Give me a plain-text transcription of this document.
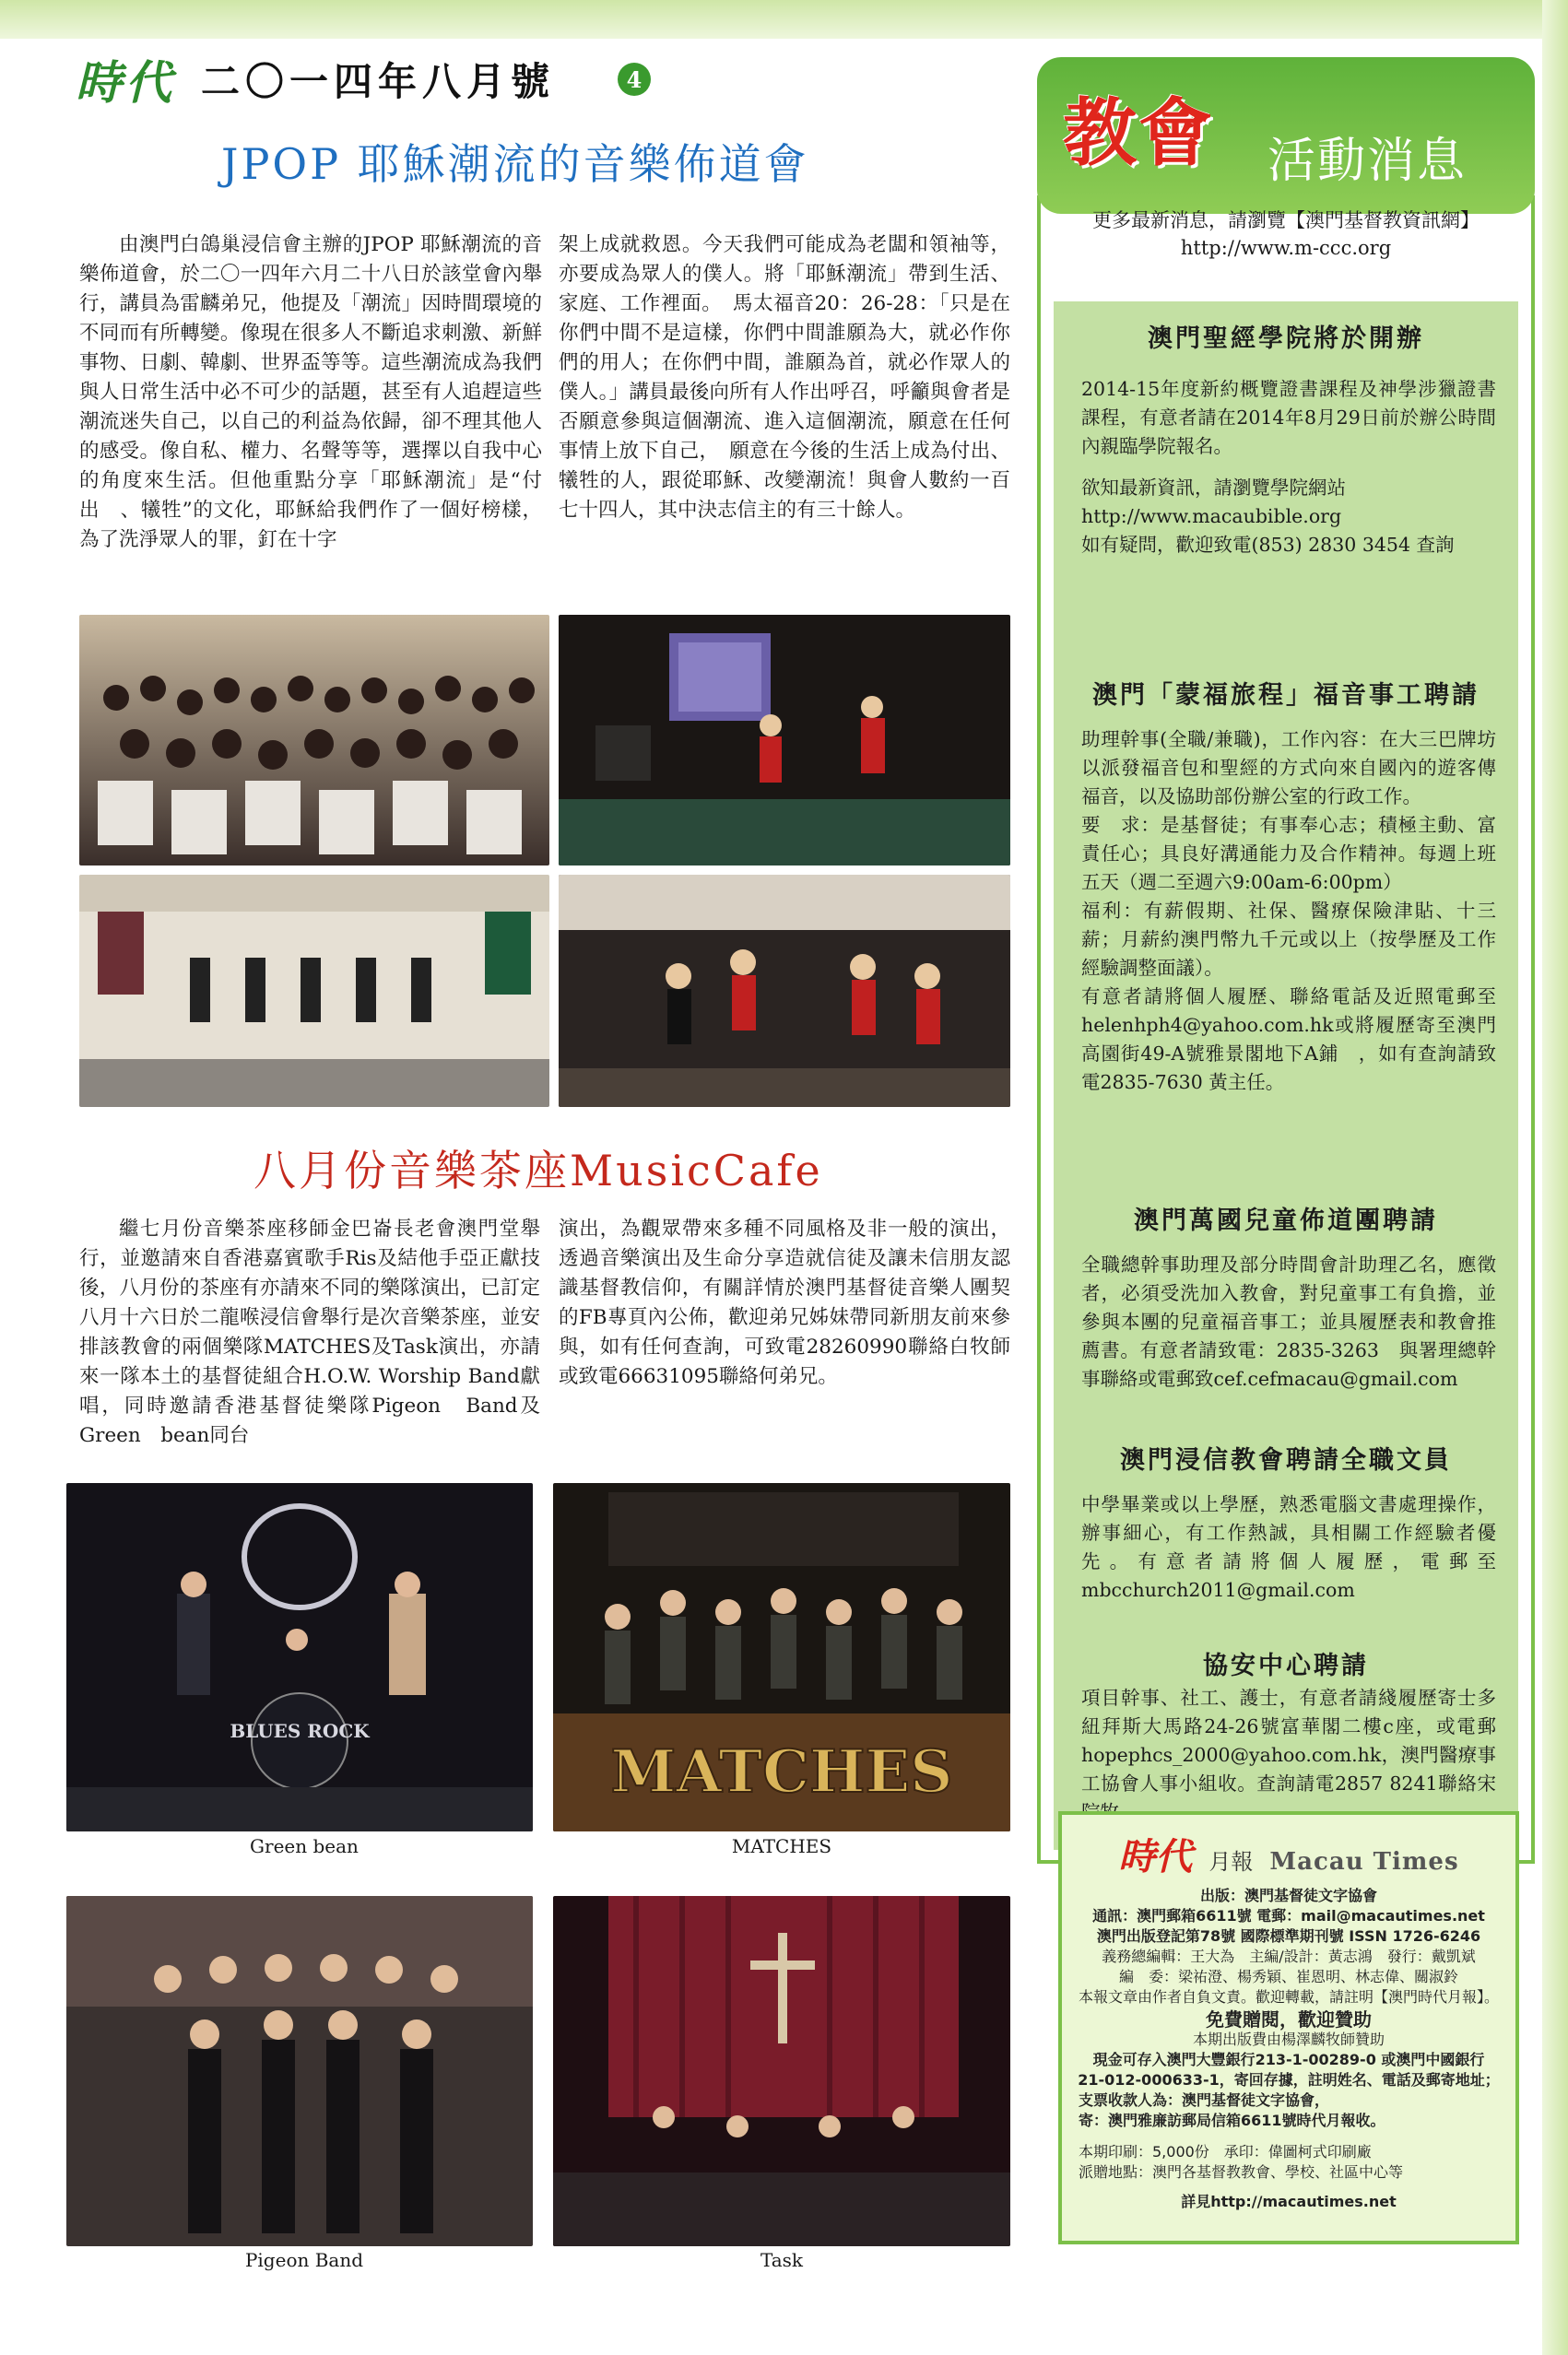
時代 二〇一四年八月號	4
JPOP 耶穌潮流的音樂佈道會
由澳門白鴿巢浸信會主辦的JPOP 耶穌潮流的音樂佈道會，於二〇一四年六月二十八日於該堂會內舉行，講員為雷麟弟兄，他提及「潮流」因時間環境的不同而有所轉變。像現在很多人不斷追求刺激、新鮮事物、日劇、韓劇、世界盃等等。這些潮流成為我們與人日常生活中必不可少的話題，甚至有人追趕這些潮流迷失自己，以自己的利益為依歸，卻不理其他人的感受。像自私、權力、名聲等等，選擇以自我中心的角度來生活。但他重點分享「耶穌潮流」是“付出　、犧牲”的文化，耶穌給我們作了一個好榜樣，為了洗淨眾人的罪，釘在十字
架上成就救恩。今天我們可能成為老闆和領袖等，亦要成為眾人的僕人。將「耶穌潮流」帶到生活、家庭、工作裡面。　馬太福音20：26-28：「只是在你們中間不是這樣，你們中間誰願為大，就必作你們的用人；在你們中間，誰願為首，就必作眾人的僕人。」講員最後向所有人作出呼召，呼籲與會者是否願意參與這個潮流、進入這個潮流，願意在任何事情上放下自己，　願意在今後的生活上成為付出、犧牲的人，跟從耶穌、改變潮流！與會人數約一百七十四人，其中決志信主的有三十餘人。
八月份音樂茶座MusicCafe
繼七月份音樂茶座移師金巴崙長老會澳門堂舉行，並邀請來自香港嘉賓歌手Ris及結他手亞正獻技後，八月份的茶座有亦請來不同的樂隊演出，已訂定八月十六日於二龍喉浸信會舉行是次音樂茶座，並安排該教會的兩個樂隊MATCHES及Task演出，亦請來一隊本土的基督徒組合H.O.W. Worship Band獻唱，同時邀請香港基督徒樂隊Pigeon　Band及Green　bean同台
演出，為觀眾帶來多種不同風格及非一般的演出，透過音樂演出及生命分享造就信徒及讓未信朋友認識基督教信仰，有關詳情於澳門基督徒音樂人團契的FB專頁內公佈，歡迎弟兄姊妹帶同新朋友前來參與，如有任何查詢，可致電28260990聯絡白牧師或致電66631095聯絡何弟兄。
BLUES ROCK
Green bean
MATCHES
MATCHES
Pigeon Band	Task
教會 活動消息
更多最新消息，請瀏覽【澳門基督教資訊網】
http://www.m-ccc.org
澳門聖經學院將於開辦
2014-15年度新約概覽證書課程及神學涉獵證書課程，有意者請在2014年8月29日前於辦公時間內親臨學院報名。
欲知最新資訊，請瀏覽學院網站
http://www.macaubible.org
如有疑問，歡迎致電(853) 2830 3454 查詢
澳門「蒙福旅程」福音事工聘請
助理幹事(全職/兼職)，工作內容：在大三巴牌坊以派發福音包和聖經的方式向來自國內的遊客傳福音，以及協助部份辦公室的行政工作。
要　求：是基督徒；有事奉心志；積極主動、富責任心；具良好溝通能力及合作精神。每週上班五天（週二至週六9:00am-6:00pm）
福利：有薪假期、社保、醫療保險津貼、十三薪；月薪約澳門幣九千元或以上（按學歷及工作經驗調整面議）。
有意者請將個人履歷、聯絡電話及近照電郵至helenhph4@yahoo.com.hk或將履歷寄至澳門高園街49-A號雅景閣地下A鋪　，如有查詢請致電2835-7630 黃主任。
澳門萬國兒童佈道團聘請
全職總幹事助理及部分時間會計助理乙名，應徵者，必須受洗加入教會，對兒童事工有負擔，並參與本團的兒童福音事工；並具履歷表和教會推薦書。有意者請致電：2835-3263　與署理總幹事聯絡或電郵致cef.cefmacau@gmail.com
澳門浸信教會聘請全職文員
中學畢業或以上學歷，熟悉電腦文書處理操作，辦事細心，有工作熱誠，具相關工作經驗者優先。有意者請將個人履歷，電郵至mbcchurch2011@gmail.com
協安中心聘請
項目幹事、社工、護士，有意者請綫履歷寄士多紐拜斯大馬路24-26號富華閣二樓c座，或電郵hopephcs_2000@yahoo.com.hk，澳門醫療事工協會人事小組收。查詢請電2857 8241聯絡宋
時代 月報 Macau Times
出版：澳門基督徒文字協會
通訊：澳門郵箱6611號 電郵：mail@macautimes.net
澳門出版登記第78號 國際標準期刊號 ISSN 1726-6246
義務總編輯：王大為　主編/設計：黃志鴻　發行：戴凱斌
編　委：梁祐澄、楊秀穎、崔恩明、林志偉、關淑鈴
本報文章由作者自負文責。歡迎轉載，請註明【澳門時代月報】。
免費贈閱，歡迎贊助
本期出版費由楊澤麟牧師贊助
現金可存入澳門大豐銀行213-1-00289-0 或澳門中國銀行
21-012-000633-1，寄回存據，註明姓名、電話及郵寄地址；
支票收款人為：澳門基督徒文字協會，
寄：澳門雅廉訪郵局信箱6611號時代月報收。
本期印刷：5,000份　承印：偉圖柯式印刷廠
派贈地點：澳門各基督教教會、學校、社區中心等
詳見http://macautimes.net
